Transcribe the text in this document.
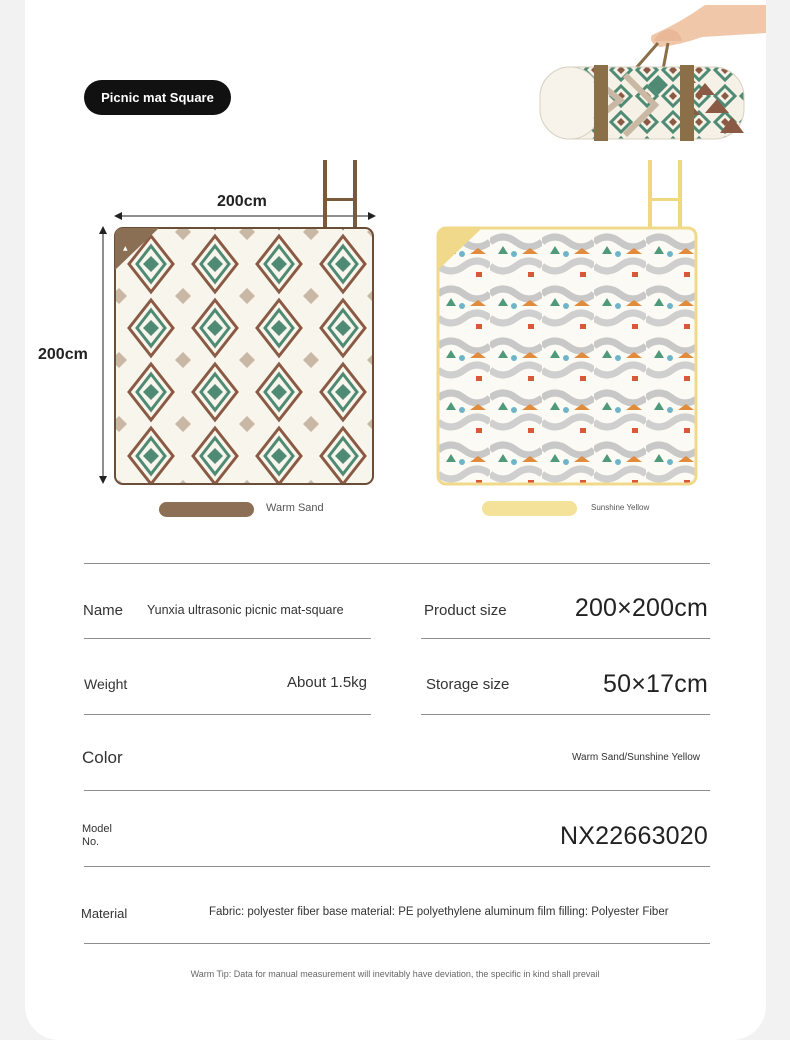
Picnic mat Square
200cm
200cm
▲
Warm Sand	Sunshine Yellow
Name Yunxia ultrasonic picnic mat-square	Product size	200×200cm
Weight	About 1.5kg	Storage size	50×17cm
Color	Warm Sand/Sunshine Yellow
Model
No.	NX22663020
Material	Fabric: polyester fiber base material: PE polyethylene aluminum film filling: Polyester Fiber
Warm Tip: Data for manual measurement will inevitably have deviation, the specific in kind shall prevail
